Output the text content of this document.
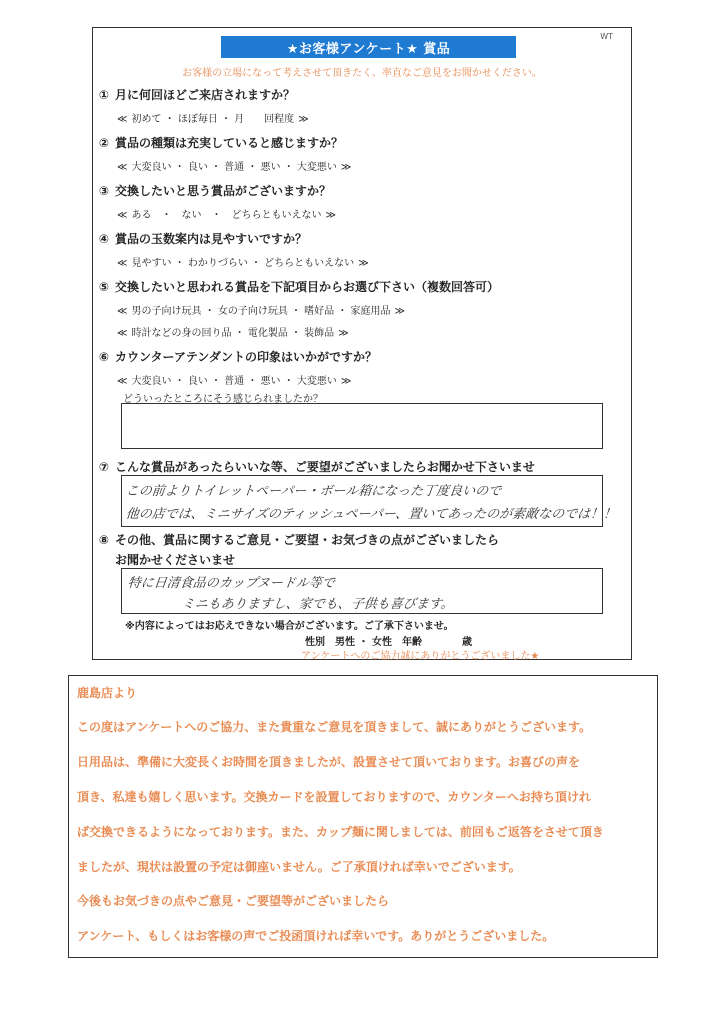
WT
★お客様アンケート★ 賞品
お客様の立場になって考えさせて頂きたく、率直なご意見をお聞かせください。
① 月に何回ほどご来店されますか？
≪ 初めて ・ ほぼ毎日 ・ 月　　回程度 ≫
② 賞品の種類は充実していると感じますか？
≪ 大変良い ・ 良い ・ 普通 ・ 悪い ・ 大変悪い ≫
③ 交換したいと思う賞品がございますか？
≪ ある　・　ない　・　どちらともいえない ≫
④ 賞品の玉数案内は見やすいですか？
≪ 見やすい ・ わかりづらい ・ どちらともいえない ≫
⑤ 交換したいと思われる賞品を下記項目からお選び下さい（複数回答可）
≪ 男の子向け玩具 ・ 女の子向け玩具 ・ 嗜好品 ・ 家庭用品 ≫
≪ 時計などの身の回り品 ・ 電化製品 ・ 装飾品 ≫
⑥ カウンターアテンダントの印象はいかがですか？
≪ 大変良い ・ 良い ・ 普通 ・ 悪い ・ 大変悪い ≫
どういったところにそう感じられましたか？
⑦ こんな賞品があったらいいな等、ご要望がございましたらお聞かせ下さいませ
この前よりトイレットペーパー・ボール箱になった丁度良いので
他の店では、ミニサイズのティッシュペーパー、置いてあったのが素敵なのでは！！
⑧ その他、賞品に関するご意見・ご要望・お気づきの点がございましたら
お聞かせくださいませ
特に日清食品のカップヌードル等で
ミニもありますし、家でも、子供も喜びます。
※内容によってはお応えできない場合がございます。ご了承下さいませ。
性別　男性 ・ 女性　年齢　　　　歳
アンケートへのご協力誠にありがとうございました★
鹿島店より
この度はアンケートへのご協力、また貴重なご意見を頂きまして、誠にありがとうございます。
日用品は、準備に大変長くお時間を頂きましたが、設置させて頂いております。お喜びの声を
頂き、私達も嬉しく思います。交換カードを設置しておりますので、カウンターへお持ち頂けれ
ば交換できるようになっております。また、カップ麺に関しましては、前回もご返答をさせて頂き
ましたが、現状は設置の予定は御座いません。ご了承頂ければ幸いでございます。
今後もお気づきの点やご意見・ご要望等がございましたら
アンケート、もしくはお客様の声でご投函頂ければ幸いです。ありがとうございました。
